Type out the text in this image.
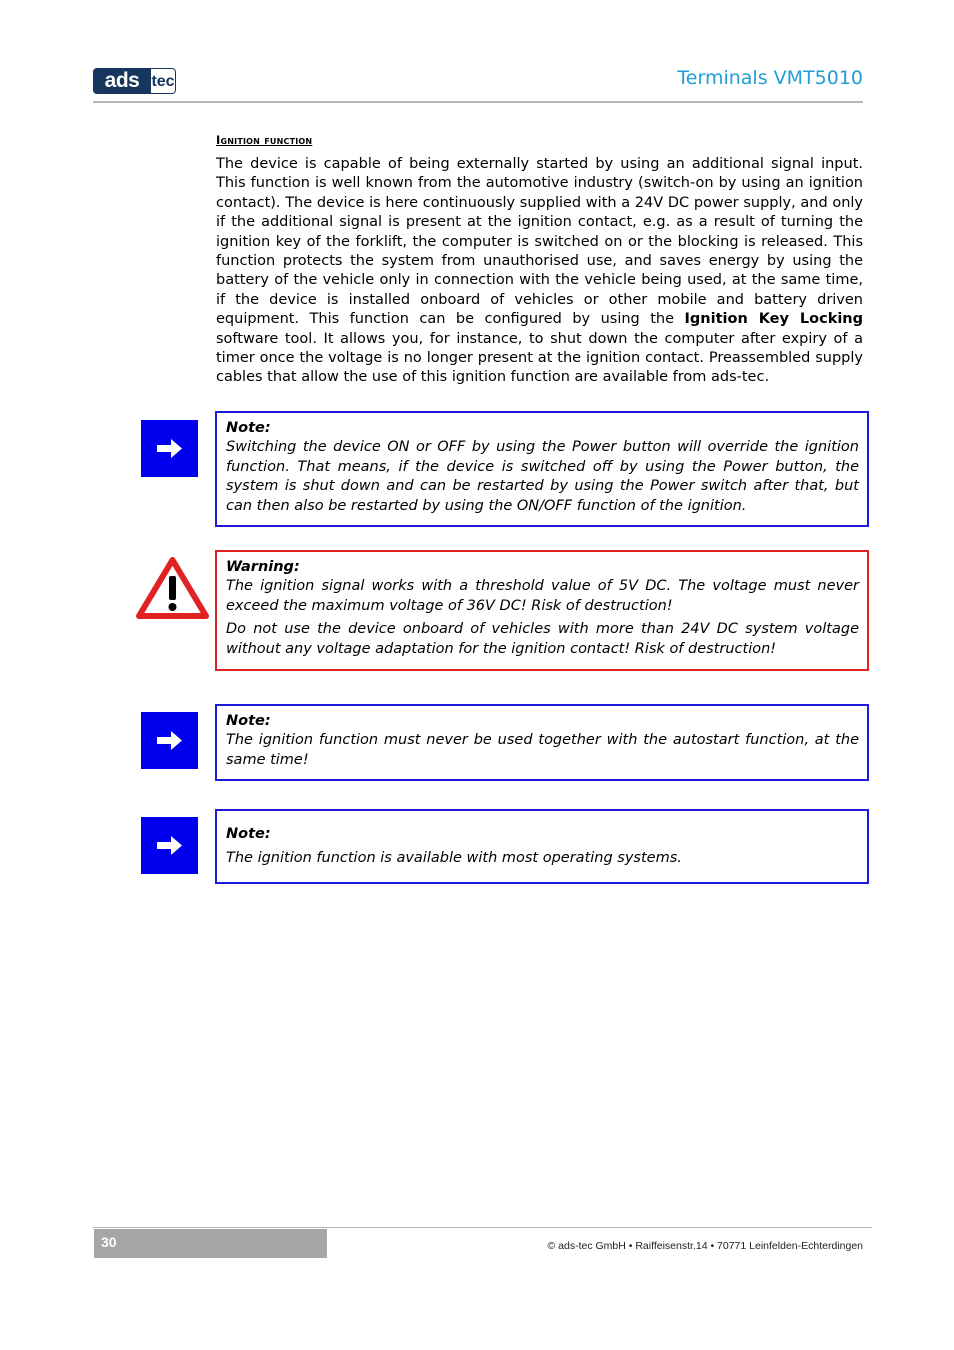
ads tec	Terminals VMT5010
Ignition function

The device is capable of being externally started by using an additional signal input. This function is well known from the automotive industry (switch-on by using an ignition contact). The device is here continuously supplied with a 24V DC power supply, and only if the additional signal is present at the ignition contact, e.g. as a result of turning the ignition key of the forklift, the computer is switched on or the blocking is released. This function protects the system from unauthorised use, and saves energy by using the battery of the vehicle only in connection with the vehicle being used, at the same time, if the device is installed onboard of vehicles or other mobile and battery driven equipment. This function can be configured by using the Ignition Key Locking software tool. It allows you, for instance, to shut down the computer after expiry of a timer once the voltage is no longer present at the ignition contact. Preassembled supply cables that allow the use of this ignition function are available from ads-tec.

Note:

Switching the device ON or OFF by using the Power button will override the ignition function. That means, if the device is switched off by using the Power button, the system is shut down and can be restarted by using the Power switch after that, but can then also be restarted by using the ON/OFF function of the ignition.

Warning:

The ignition signal works with a threshold value of 5V DC. The voltage must never exceed the maximum voltage of 36V DC! Risk of destruction!

Do not use the device onboard of vehicles with more than 24V DC system voltage without any voltage adaptation for the ignition contact! Risk of destruction!

Note:

The ignition function must never be used together with the autostart function, at the same time!

Note:

The ignition function is available with most operating systems.

30	© ads-tec GmbH • Raiffeisenstr.14 • 70771 Leinfelden-Echterdingen
